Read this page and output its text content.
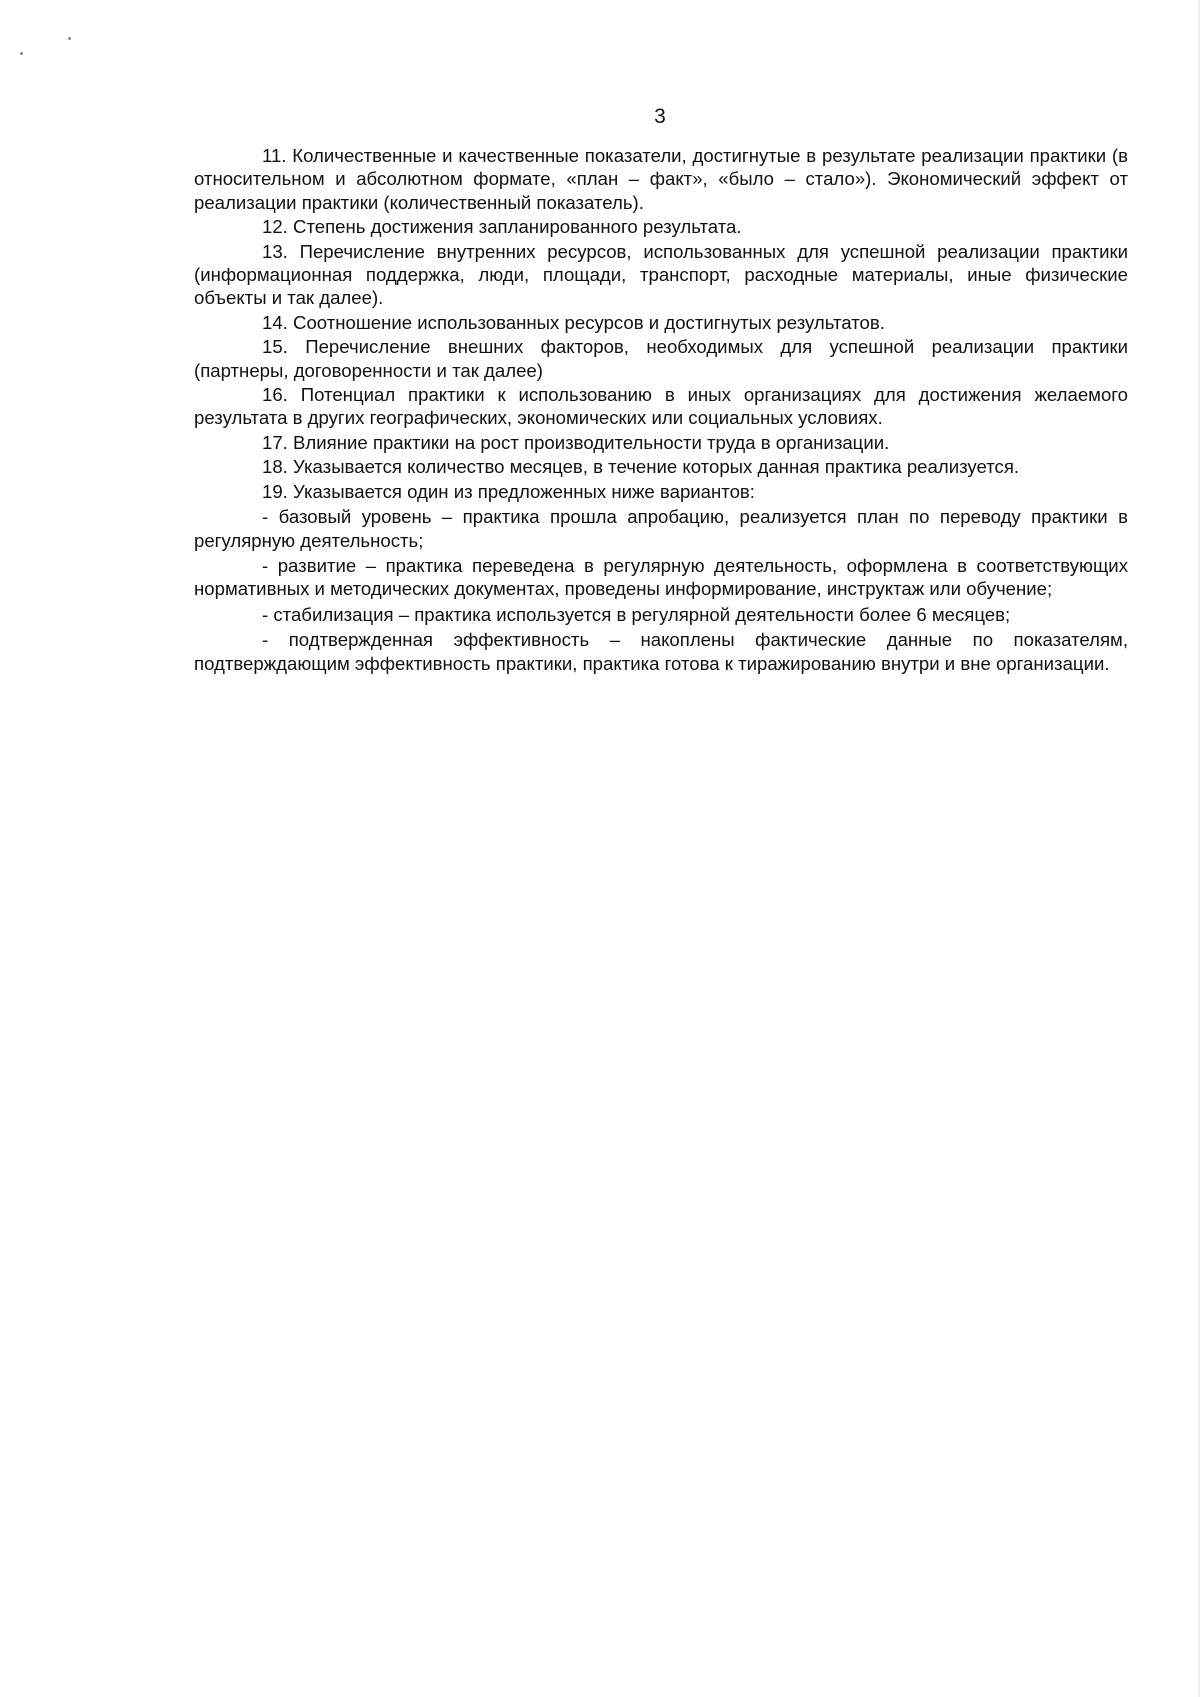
3

11. Количественные и качественные показатели, достигнутые в результате реализации практики (в относительном и абсолютном формате, «план – факт», «было – стало»). Экономический эффект от реализации практики (количественный показатель).

12. Степень достижения запланированного результата.

13. Перечисление внутренних ресурсов, использованных для успешной реализации практики (информационная поддержка, люди, площади, транспорт, расходные материалы, иные физические объекты и так далее).

14. Соотношение использованных ресурсов и достигнутых результатов.

15. Перечисление внешних факторов, необходимых для успешной реализации практики (партнеры, договоренности и так далее)

16. Потенциал практики к использованию в иных организациях для достижения желаемого результата в других географических, экономических или социальных условиях.

17. Влияние практики на рост производительности труда в организации.

18. Указывается количество месяцев, в течение которых данная практика реализуется.

19. Указывается один из предложенных ниже вариантов:

- базовый уровень – практика прошла апробацию, реализуется план по переводу практики в регулярную деятельность;

- развитие – практика переведена в регулярную деятельность, оформлена в соответствующих нормативных и методических документах, проведены информирование, инструктаж или обучение;

- стабилизация – практика используется в регулярной деятельности более 6 месяцев;

- подтвержденная эффективность – накоплены фактические данные по показателям, подтверждающим эффективность практики, практика готова к тиражированию внутри и вне организации.
